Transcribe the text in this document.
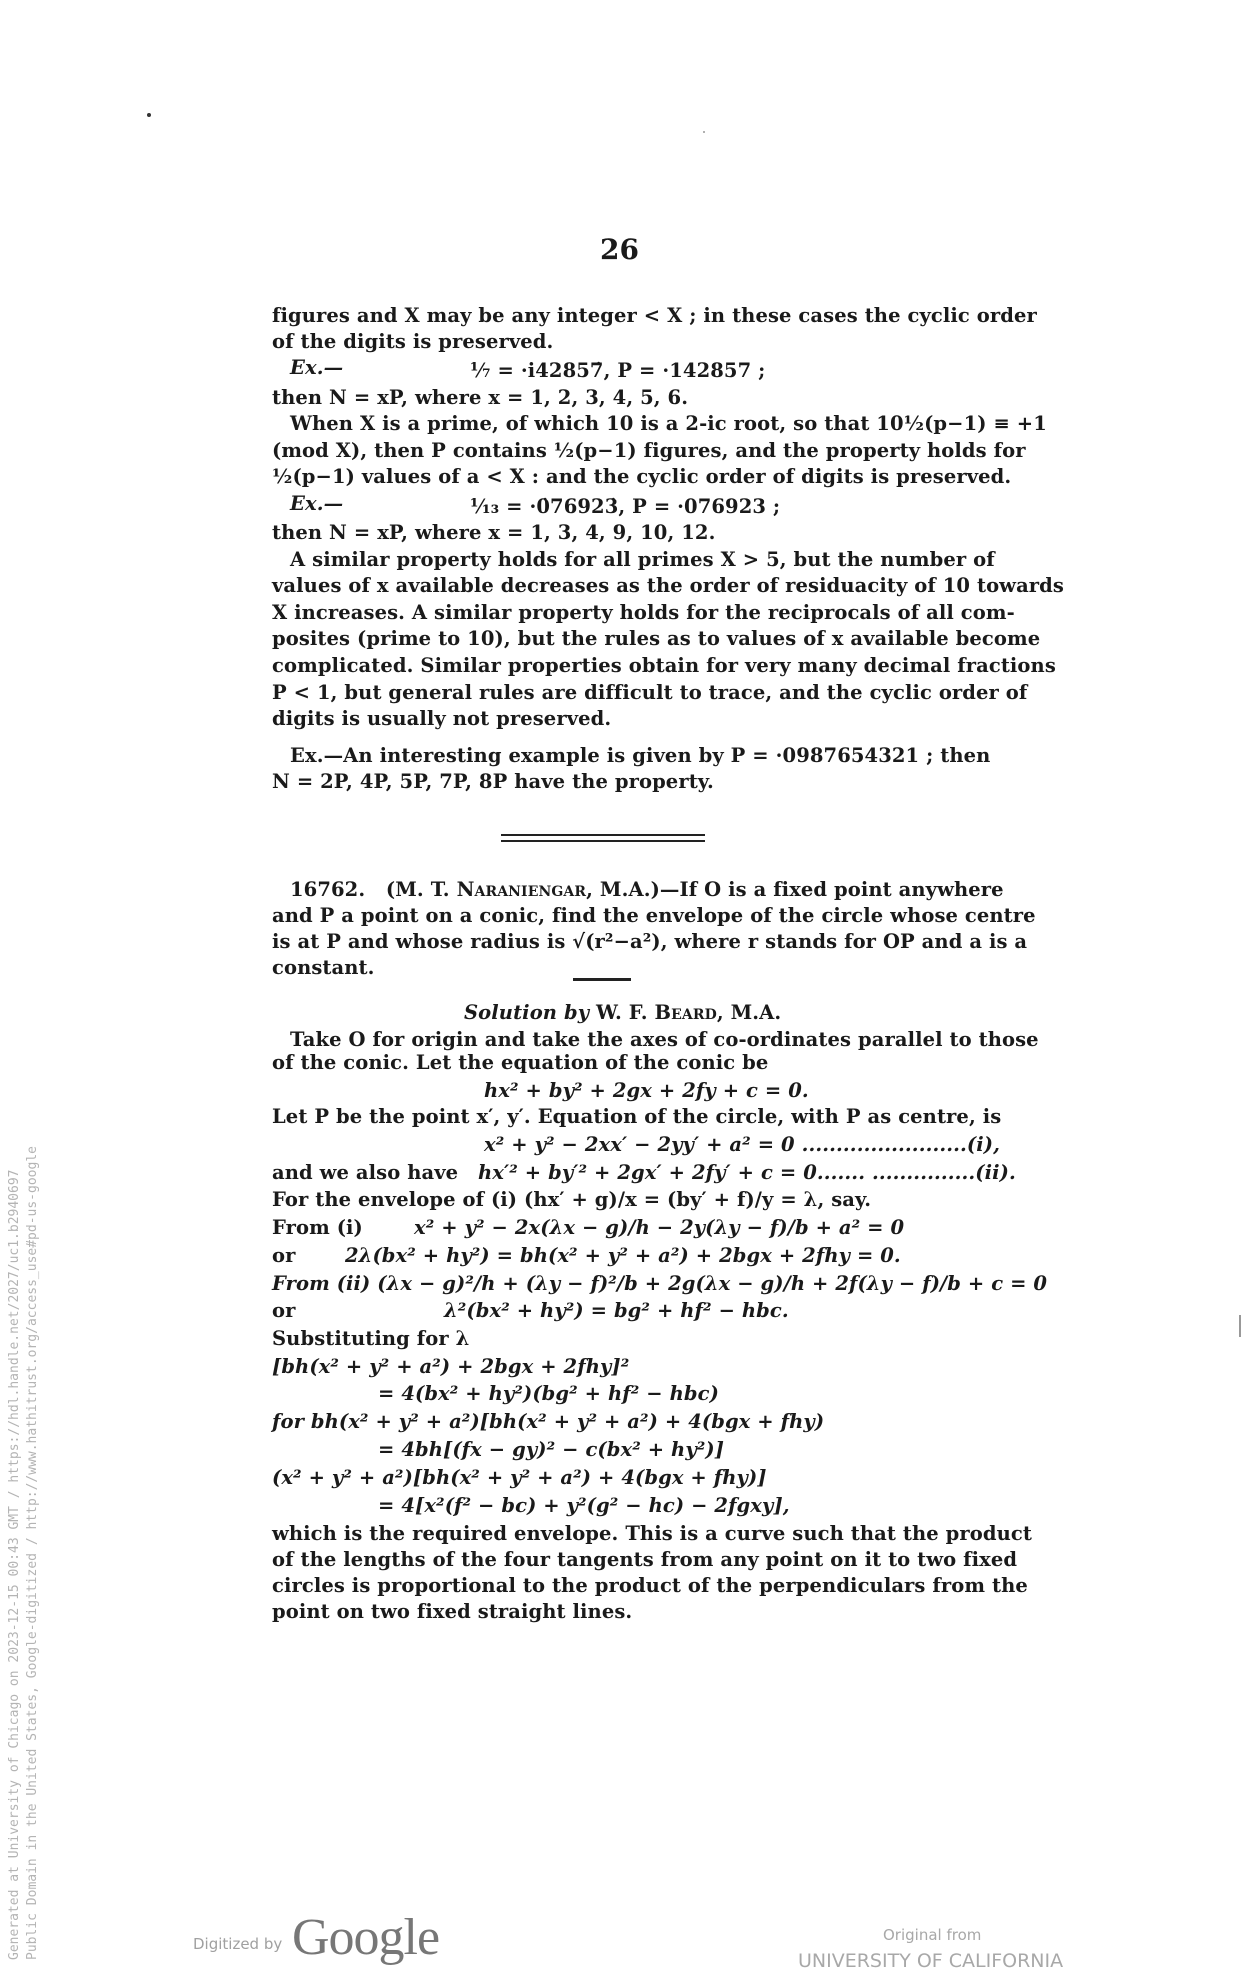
26
figures and X may be any integer < X ; in these cases the cyclic order
of the digits is preserved.
Ex.—	¹⁄₇ = ·i42857̇, P = ·142857 ;
then N = xP, where x = 1, 2, 3, 4, 5, 6.
When X is a prime, of which 10 is a 2-ic root, so that 10½(p−1) ≡ +1
(mod X), then P contains ½(p−1) figures, and the property holds for
½(p−1) values of a < X : and the cyclic order of digits is preserved.
Ex.—	¹⁄₁₃ = ·0̇76923̇, P = ·076923 ;
then N = xP, where x = 1, 3, 4, 9, 10, 12.
A similar property holds for all primes X > 5, but the number of
values of x available decreases as the order of residuacity of 10 towards
X increases. A similar property holds for the reciprocals of all com-
posites (prime to 10), but the rules as to values of x available become
complicated. Similar properties obtain for very many decimal fractions
P < 1, but general rules are difficult to trace, and the cyclic order of
digits is usually not preserved.
Ex.—An interesting example is given by P = ·0987654321 ; then
N = 2P, 4P, 5P, 7P, 8P have the property.
16762. (M. T. Naraniengar, M.A.)—If O is a fixed point anywhere
and P a point on a conic, find the envelope of the circle whose centre
is at P and whose radius is √(r²−a²), where r stands for OP and a is a
constant.
Solution by W. F. Beard, M.A.
Take O for origin and take the axes of co-ordinates parallel to those
of the conic. Let the equation of the conic be
hx² + by² + 2gx + 2fy + c = 0.
Let P be the point x′, y′. Equation of the circle, with P as centre, is
x² + y² − 2xx′ − 2yy′ + a² = 0 ........................(i),
and we also have hx′² + by′² + 2gx′ + 2fy′ + c = 0....... ...............(ii).
For the envelope of (i) (hx′ + g)/x = (by′ + f)/y = λ, say.
From (i)	x² + y² − 2x(λx − g)/h − 2y(λy − f)/b + a² = 0
or	2λ(bx² + hy²) = bh(x² + y² + a²) + 2bgx + 2fhy = 0.
From (ii) (λx − g)²/h + (λy − f)²/b + 2g(λx − g)/h + 2f(λy − f)/b + c = 0
or	λ²(bx² + hy²) = bg² + hf² − hbc.
Substituting for λ
[bh(x² + y² + a²) + 2bgx + 2fhy]²
= 4(bx² + hy²)(bg² + hf² − hbc)
for bh(x² + y² + a²)[bh(x² + y² + a²) + 4(bgx + fhy)
= 4bh[(fx − gy)² − c(bx² + hy²)]
(x² + y² + a²)[bh(x² + y² + a²) + 4(bgx + fhy)]
= 4[x²(f² − bc) + y²(g² − hc) − 2fgxy],
which is the required envelope. This is a curve such that the product
of the lengths of the four tangents from any point on it to two fixed
circles is proportional to the product of the perpendiculars from the
point on two fixed straight lines.
Generated at University of Chicago on 2023-12-15 00:43 GMT / https://hdl.handle.net/2027/uc1.b2940697 Public Domain in the United States, Google-digitized / http://www.hathitrust.org/access_use#pd-us-google	Digitized by Google	Original from
UNIVERSITY OF CALIFORNIA
